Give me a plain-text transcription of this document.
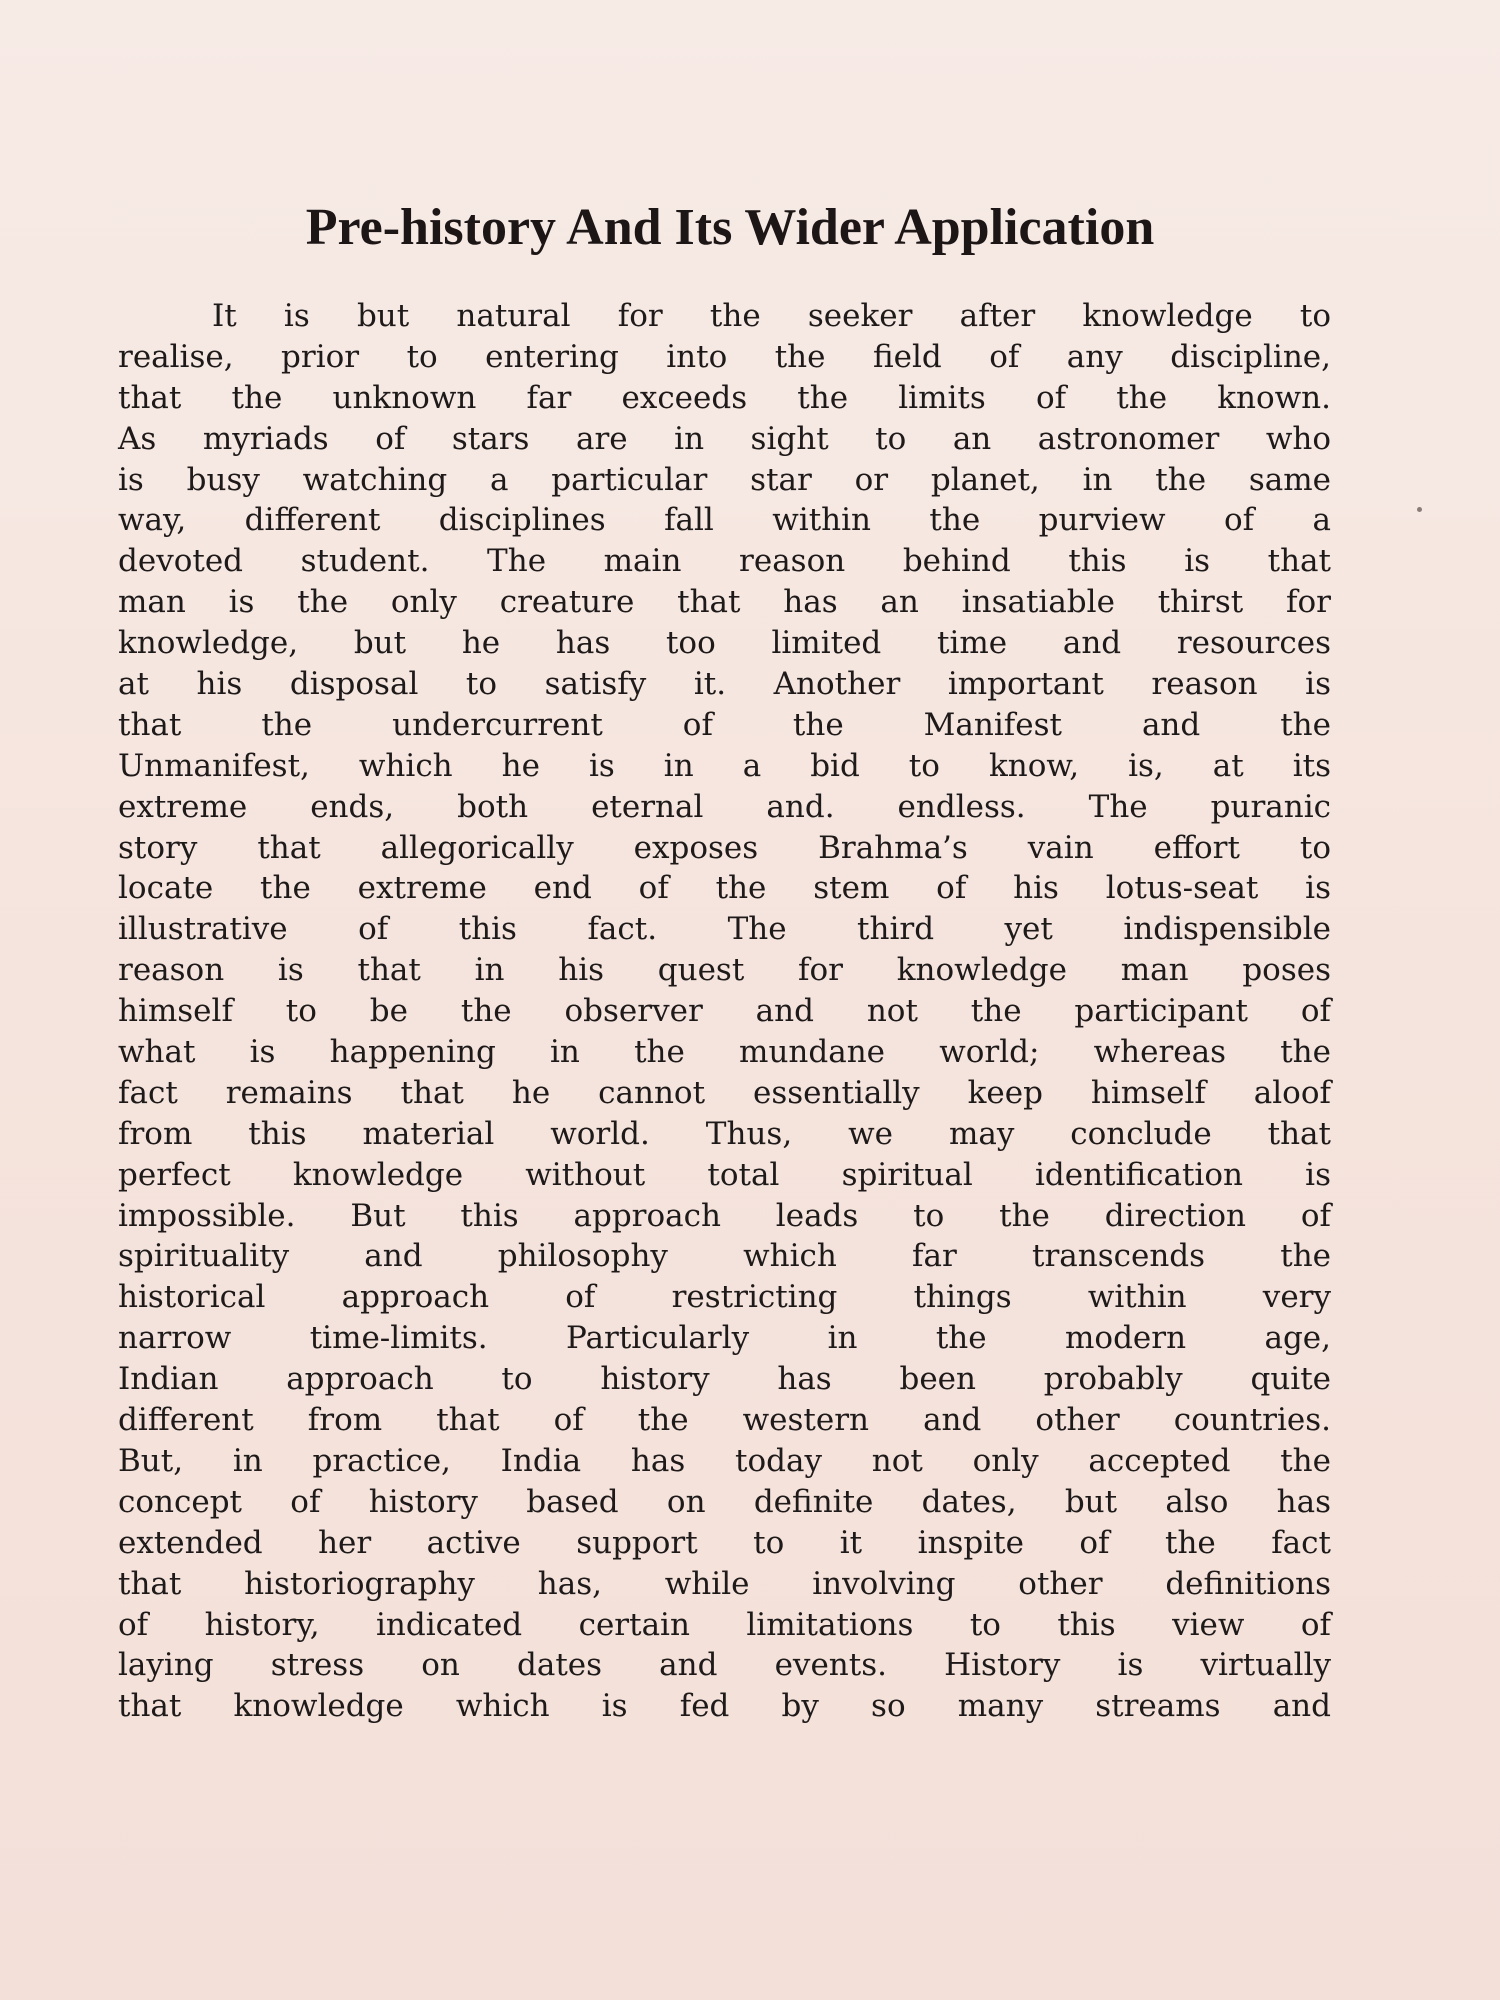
Pre-history And Its Wider Application

It is but natural for the seeker after knowledge to
realise, prior to entering into the field of any discipline,
that the unknown far exceeds the limits of the known.
As myriads of stars are in sight to an astronomer who
is busy watching a particular star or planet, in the same
way, different disciplines fall within the purview of a
devoted student. The main reason behind this is that
man is the only creature that has an insatiable thirst for
knowledge, but he has too limited time and resources
at his disposal to satisfy it. Another important reason is
that the undercurrent of the Manifest and the
Unmanifest, which he is in a bid to know, is, at its
extreme ends, both eternal and. endless. The puranic
story that allegorically exposes Brahma’s vain effort to
locate the extreme end of the stem of his lotus-seat is
illustrative of this fact. The third yet indispensible
reason is that in his quest for knowledge man poses
himself to be the observer and not the participant of
what is happening in the mundane world; whereas the
fact remains that he cannot essentially keep himself aloof
from this material world. Thus, we may conclude that
perfect knowledge without total spiritual identification is
impossible. But this approach leads to the direction of
spirituality and philosophy which far transcends the
historical approach of restricting things within very
narrow time-limits. Particularly in the modern age,
Indian approach to history has been probably quite
different from that of the western and other countries.
But, in practice, India has today not only accepted the
concept of history based on definite dates, but also has
extended her active support to it inspite of the fact
that historiography has, while involving other definitions
of history, indicated certain limitations to this view of
laying stress on dates and events. History is virtually
that knowledge which is fed by so many streams and
